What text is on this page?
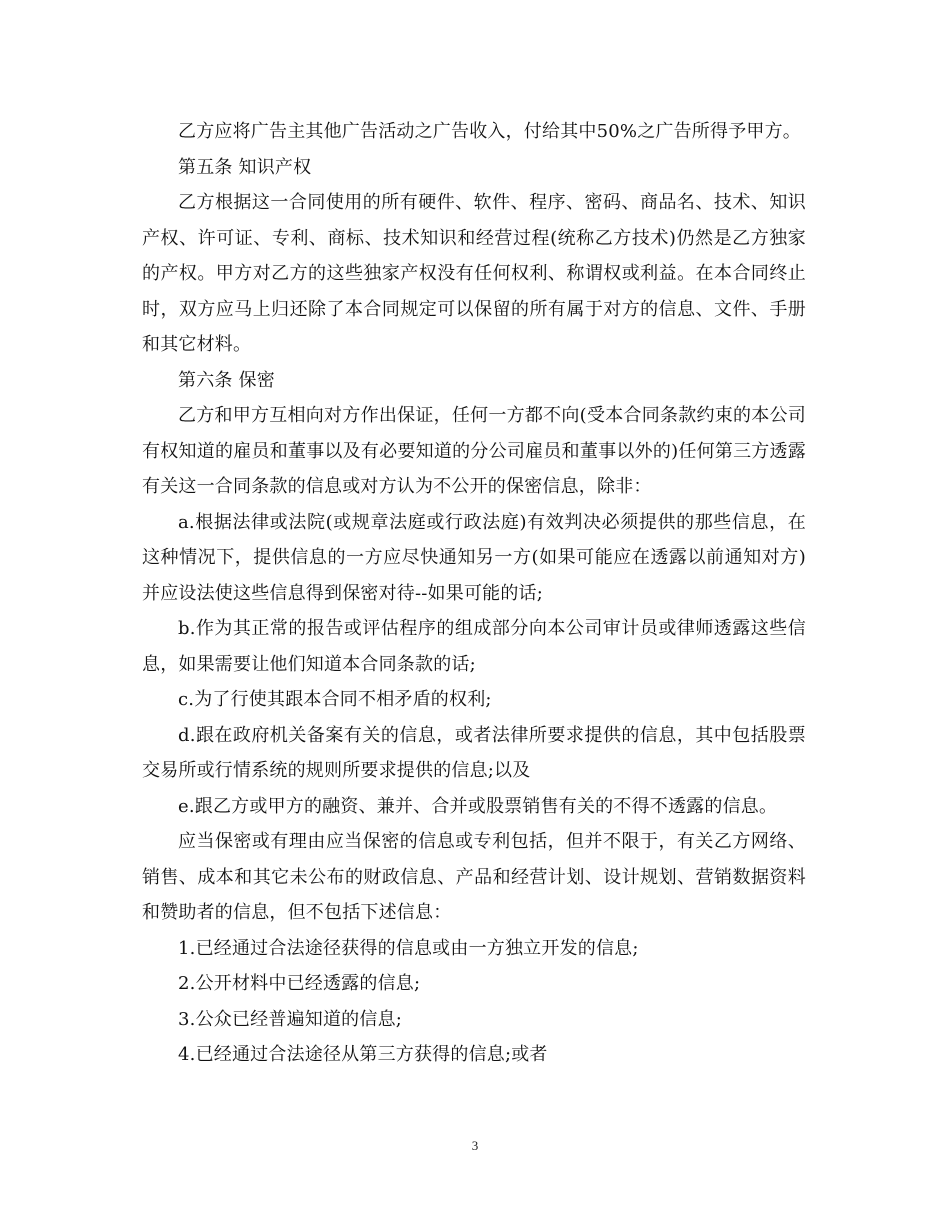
乙方应将广告主其他广告活动之广告收入，付给其中50%之广告所得予甲方。

第五条 知识产权

乙方根据这一合同使用的所有硬件、软件、程序、密码、商品名、技术、知识产权、许可证、专利、商标、技术知识和经营过程(统称乙方技术)仍然是乙方独家的产权。甲方对乙方的这些独家产权没有任何权利、称谓权或利益。在本合同终止时，双方应马上归还除了本合同规定可以保留的所有属于对方的信息、文件、手册和其它材料。

第六条 保密

乙方和甲方互相向对方作出保证，任何一方都不向(受本合同条款约束的本公司有权知道的雇员和董事以及有必要知道的分公司雇员和董事以外的)任何第三方透露有关这一合同条款的信息或对方认为不公开的保密信息，除非：

a.根据法律或法院(或规章法庭或行政法庭)有效判决必须提供的那些信息，在这种情况下，提供信息的一方应尽快通知另一方(如果可能应在透露以前通知对方)并应设法使这些信息得到保密对待--如果可能的话;

b.作为其正常的报告或评估程序的组成部分向本公司审计员或律师透露这些信息，如果需要让他们知道本合同条款的话;

c.为了行使其跟本合同不相矛盾的权利;

d.跟在政府机关备案有关的信息，或者法律所要求提供的信息，其中包括股票交易所或行情系统的规则所要求提供的信息;以及

e.跟乙方或甲方的融资、兼并、合并或股票销售有关的不得不透露的信息。

应当保密或有理由应当保密的信息或专利包括，但并不限于，有关乙方网络、销售、成本和其它未公布的财政信息、产品和经营计划、设计规划、营销数据资料和赞助者的信息，但不包括下述信息：

1.已经通过合法途径获得的信息或由一方独立开发的信息;

2.公开材料中已经透露的信息;

3.公众已经普遍知道的信息;

4.已经通过合法途径从第三方获得的信息;或者

3
